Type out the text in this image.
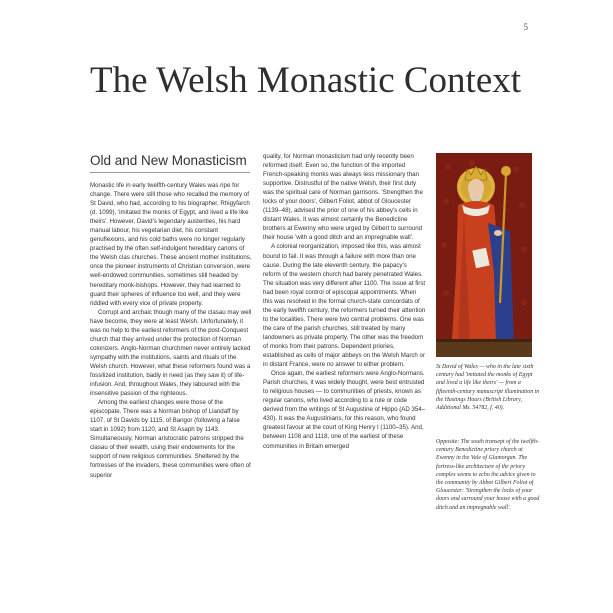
5
The Welsh Monastic Context
Old and New Monasticism

Monastic life in early twelfth-century Wales was ripe for change. There were still those who recalled the memory of St David, who had, according to his biographer, Rhigyfarch (d. 1099), 'imitated the monks of Egypt, and lived a life like theirs'. However, David's legendary austerities, his hard manual labour, his vegetarian diet, his constant genuflexions, and his cold baths were no longer regularly practised by the often self-indulgent hereditary canons of the Welsh clas churches. These ancient mother institutions, once the pioneer instruments of Christian conversion, were well-endowed communities, sometimes still headed by hereditary monk-bishops. However, they had learned to guard their spheres of influence too well, and they were riddled with every vice of private property.

Corrupt and archaic though many of the clasau may well have become, they were at least Welsh. Unfortunately, it was no help to the earliest reformers of the post-Conquest church that they arrived under the protection of Norman colonizers. Anglo-Norman churchmen never entirely lacked sympathy with the institutions, saints and rituals of the Welsh church. However, what these reformers found was a fossilized institution, badly in need (as they saw it) of life-infusion. And, throughout Wales, they laboured with the insensitive passion of the righteous.

Among the earliest changes were those of the episcopate. There was a Norman bishop of Llandaff by 1107, of St Davids by 1115, of Bangor (following a false start in 1092) from 1120, and St Asaph by 1143. Simultaneously, Norman aristocratic patrons stripped the clasau of their wealth, using their endowments for the support of new religious communities. Sheltered by the fortresses of the invaders, these communities were often of superior

quality, for Norman monasticism had only recently been reformed itself. Even so, the function of the imported French-speaking monks was always less missionary than supportive. Distrustful of the native Welsh, their first duty was the spiritual care of Norman garrisons. 'Strengthen the locks of your doors', Gilbert Foliot, abbot of Gloucester (1139–48), advised the prior of one of his abbey's cells in distant Wales. It was almost certainly the Benedictine brothers at Ewenny who were urged by Gilbert to surround their house 'with a good ditch and an impregnable wall'.

A colonial reorganization, imposed like this, was almost bound to fail. It was through a failure with more than one cause. During the late eleventh century, the papacy's reform of the western church had barely penetrated Wales. The situation was very different after 1100. The issue at first had been royal control of episcopal appointments. When this was resolved in the formal church-state concordats of the early twelfth century, the reformers turned their attention to the localities. There were two central problems. One was the care of the parish churches, still treated by many landowners as private property. The other was the freedom of monks from their patrons. Dependent priories, established as cells of major abbeys on the Welsh March or in distant France, were no answer to either problem.

Once again, the earliest reformers were Anglo-Normans. Parish churches, it was widely thought, were best entrusted to religious houses — to communities of priests, known as regular canons, who lived according to a rule or code derived from the writings of St Augustine of Hippo (AD 354–430). It was the Augustinians, for this reason, who found greatest favour at the court of King Henry I (1100–35). And, between 1108 and 1118, one of the earliest of these communities in Britain emerged

St David of Wales — who in the late sixth century had 'imitated the monks of Egypt and lived a life like theirs' — from a fifteenth-century manuscript illumination in the Hastings Hours (British Library, Additional Ms. 54782, f. 40).
Opposite: The south transept of the twelfth-century Benedictine priory church at Ewenny in the Vale of Glamorgan. The fortress-like architecture of the priory complex seems to echo the advice given to the community by Abbot Gilbert Foliot of Gloucester: 'Strengthen the locks of your doors and surround your house with a good ditch and an impregnable wall'.
